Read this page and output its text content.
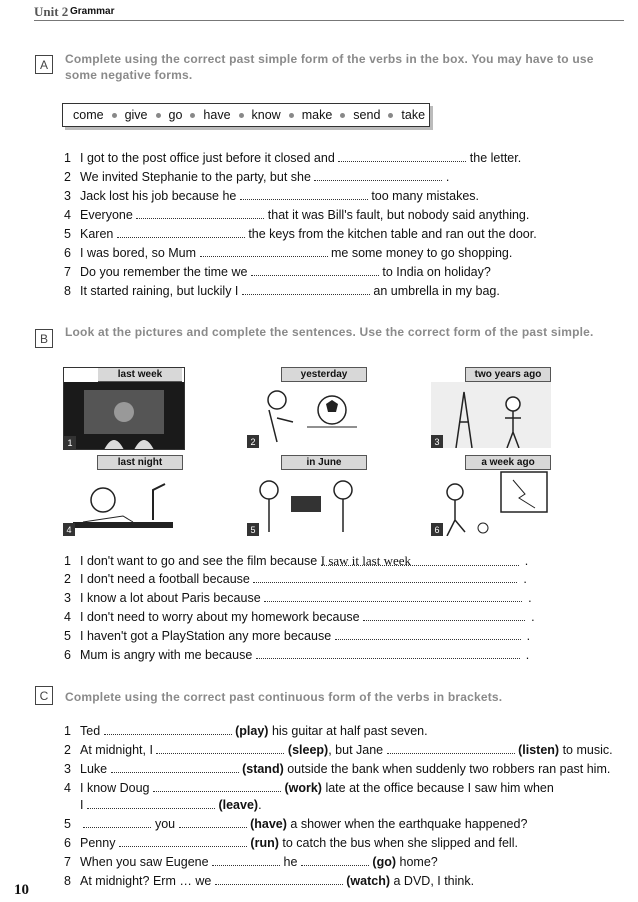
Unit 2 Grammar
A	Complete using the correct past simple form of the verbs in the box. You may have to use some negative forms.
come give go have know make send take
1 I got to the post office just before it closed and	the letter.
2 We invited Stephanie to the party, but she	.
3 Jack lost his job because he	too many mistakes.
4 Everyone	that it was Bill's fault, but nobody said anything.
5 Karen	the keys from the kitchen table and ran out the door.
6 I was bored, so Mum	me some money to go shopping.
7 Do you remember the time we	to India on holiday?
8 It started raining, but luckily I	an umbrella in my bag.
B	Look at the pictures and complete the sentences. Use the correct form of the past simple.
last week
1
yesterday
2
two years ago
3
last night
4
in June
5
a week ago
6
1 I don't want to go and see the film because I saw it last week	.
2 I don't need a football because	.
3 I know a lot about Paris because	.
4 I don't need to worry about my homework because	.
5 I haven't got a PlayStation any more because	.
6 Mum is angry with me because	.
C	Complete using the correct past continuous form of the verbs in brackets.
1 Ted	(play) his guitar at half past seven.
2 At midnight, I	(sleep), but Jane	(listen) to music.
3 Luke	(stand) outside the bank when suddenly two robbers ran past him.
4 I know Doug	(work) late at the office because I saw him when
I	(leave).
5	you	(have) a shower when the earthquake happened?
6 Penny	(run) to catch the bus when she slipped and fell.
7 When you saw Eugene	he	(go) home?
8 At midnight? Erm … we	(watch) a DVD, I think.
10
